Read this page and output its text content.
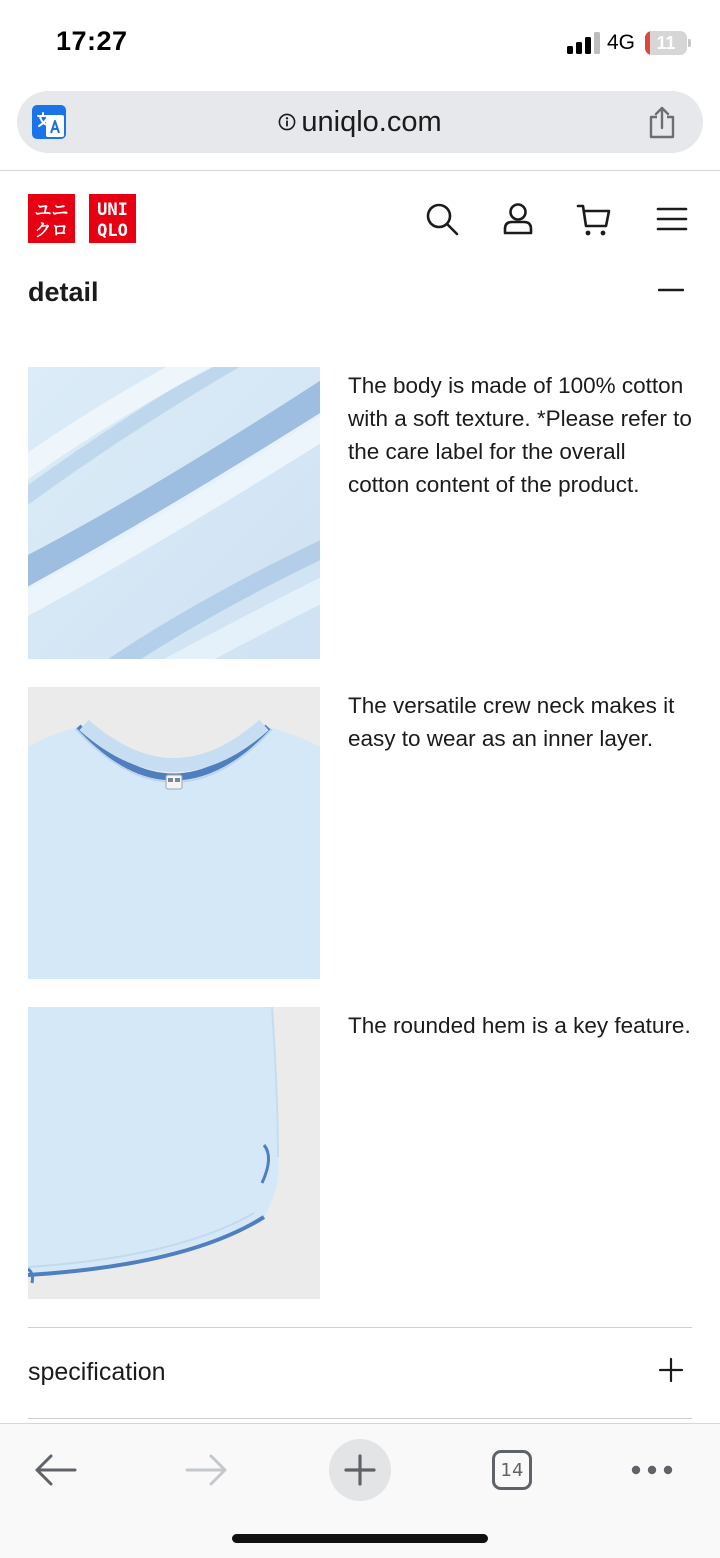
17:27	4G	11
uniqlo.com
ユニ
クロ
UNI
QLO
detail
The body is made of 100% cotton with a soft texture. *Please refer to the care label for the overall cotton content of the product.
The versatile crew neck makes it easy to wear as an inner layer.
The rounded hem is a key feature.
specification
14
